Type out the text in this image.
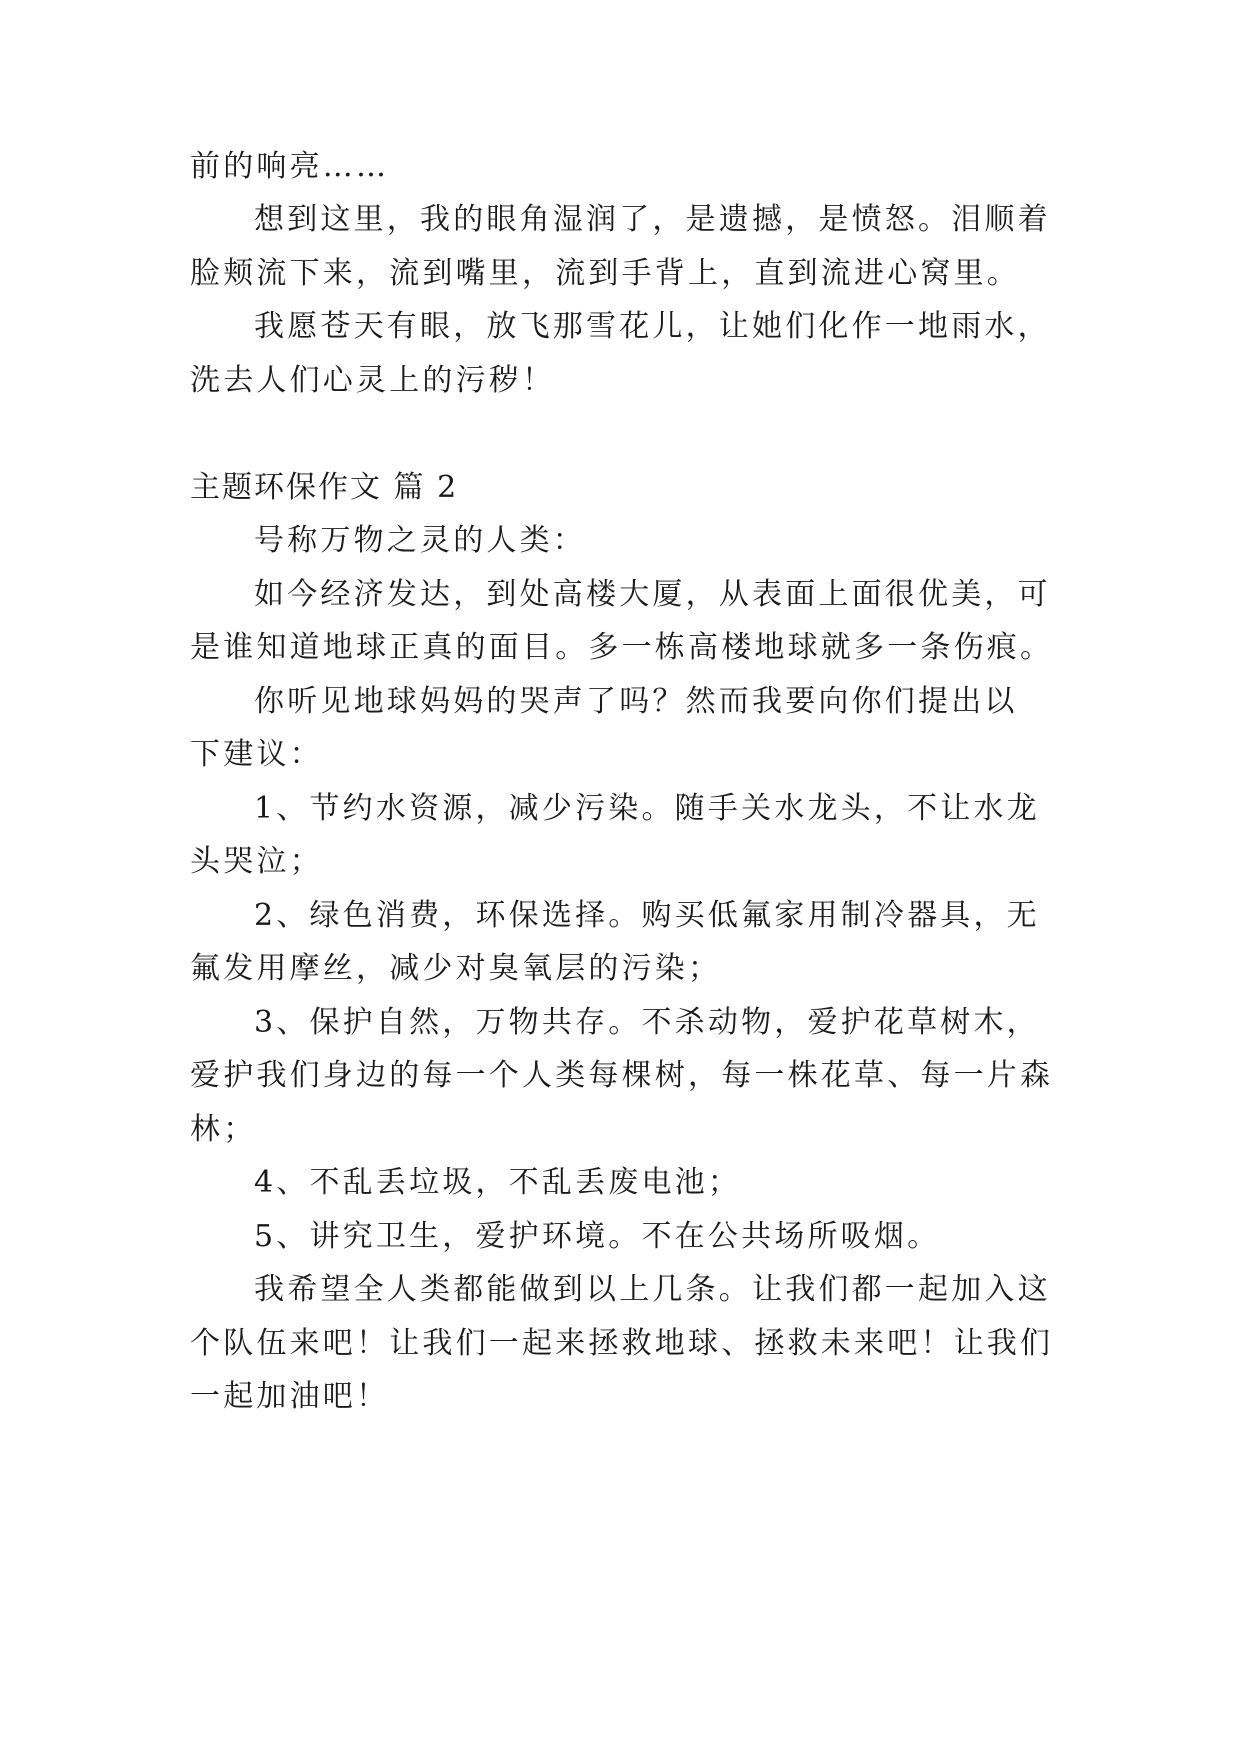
前的响亮……
想到这里，我的眼角湿润了，是遗撼，是愤怒。泪顺着
脸颊流下来，流到嘴里，流到手背上，直到流进心窝里。
我愿苍天有眼，放飞那雪花儿，让她们化作一地雨水，
洗去人们心灵上的污秽！
主题环保作文 篇 2
号称万物之灵的人类：
如今经济发达，到处高楼大厦，从表面上面很优美，可
是谁知道地球正真的面目。多一栋高楼地球就多一条伤痕。
你听见地球妈妈的哭声了吗？然而我要向你们提出以
下建议：
1、节约水资源，减少污染。随手关水龙头，不让水龙
头哭泣；
2、绿色消费，环保选择。购买低氟家用制冷器具，无
氟发用摩丝，减少对臭氧层的污染；
3、保护自然，万物共存。不杀动物，爱护花草树木，
爱护我们身边的每一个人类每棵树，每一株花草、每一片森
林；
4、不乱丢垃圾，不乱丢废电池；
5、讲究卫生，爱护环境。不在公共场所吸烟。
我希望全人类都能做到以上几条。让我们都一起加入这
个队伍来吧！让我们一起来拯救地球、拯救未来吧！让我们
一起加油吧！
